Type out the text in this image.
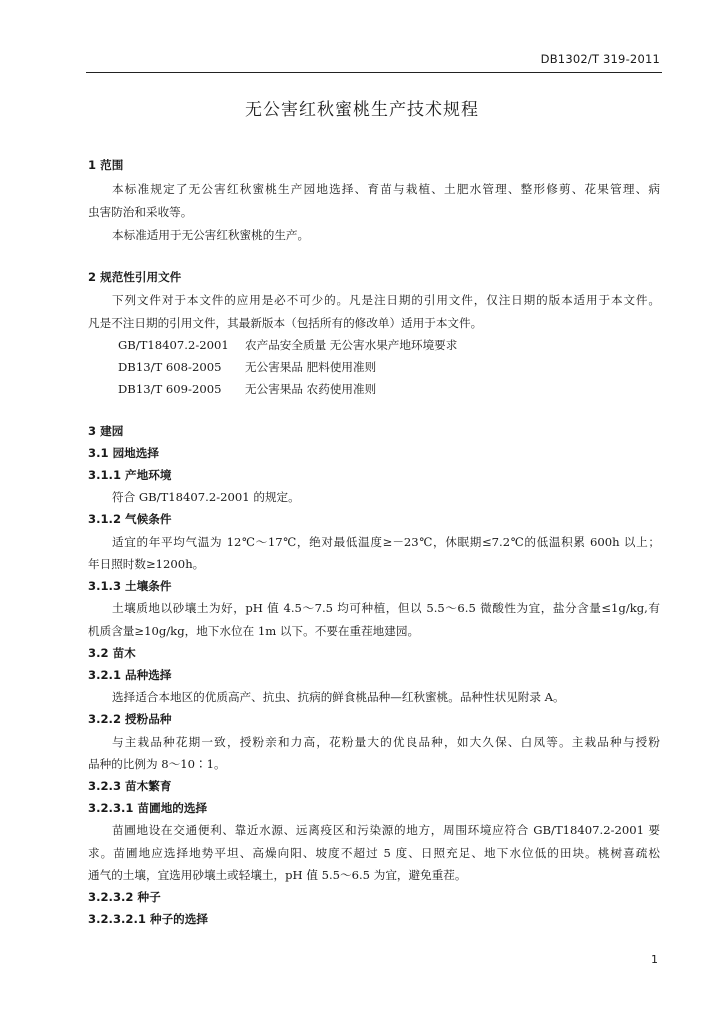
DB1302/T 319-2011
无公害红秋蜜桃生产技术规程
1 范围
本标准规定了无公害红秋蜜桃生产园地选择、育苗与栽植、土肥水管理、整形修剪、花果管理、病
虫害防治和采收等。
本标准适用于无公害红秋蜜桃的生产。
2 规范性引用文件
下列文件对于本文件的应用是必不可少的。凡是注日期的引用文件，仅注日期的版本适用于本文件。
凡是不注日期的引用文件，其最新版本（包括所有的修改单）适用于本文件。
GB/T18407.2-2001 农产品安全质量 无公害水果产地环境要求
DB13/T 608-2005 无公害果品 肥料使用准则
DB13/T 609-2005 无公害果品 农药使用准则
3 建园
3.1 园地选择
3.1.1 产地环境
符合 GB/T18407.2-2001 的规定。
3.1.2 气候条件
适宜的年平均气温为 12℃～17℃，绝对最低温度≥－23℃，休眠期≤7.2℃的低温积累 600h 以上；
年日照时数≥1200h。
3.1.3 土壤条件
土壤质地以砂壤土为好，pH 值 4.5～7.5 均可种植，但以 5.5～6.5 微酸性为宜，盐分含量≤1g/kg,有
机质含量≥10g/kg，地下水位在 1m 以下。不要在重茬地建园。
3.2 苗木
3.2.1 品种选择
选择适合本地区的优质高产、抗虫、抗病的鲜食桃品种—红秋蜜桃。品种性状见附录 A。
3.2.2 授粉品种
与主栽品种花期一致，授粉亲和力高，花粉量大的优良品种，如大久保、白凤等。主栽品种与授粉
品种的比例为 8～10∶1。
3.2.3 苗木繁育
3.2.3.1 苗圃地的选择
苗圃地设在交通便利、靠近水源、远离疫区和污染源的地方，周围环境应符合 GB/T18407.2-2001 要
求。苗圃地应选择地势平坦、高燥向阳、坡度不超过 5 度、日照充足、地下水位低的田块。桃树喜疏松
通气的土壤，宜选用砂壤土或轻壤土，pH 值 5.5～6.5 为宜，避免重茬。
3.2.3.2 种子
3.2.3.2.1 种子的选择
1
